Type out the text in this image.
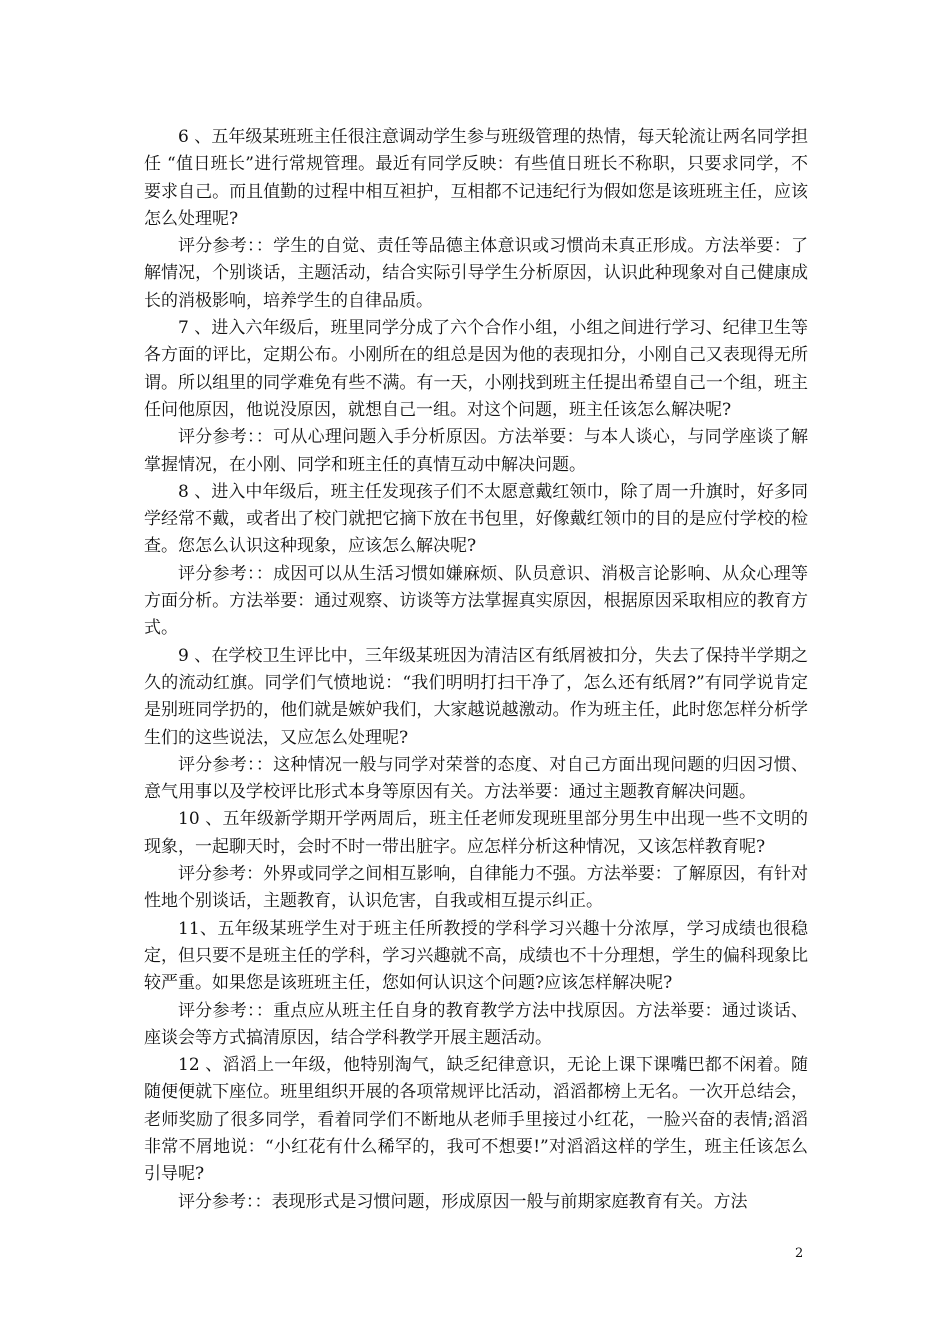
6 、五年级某班班主任很注意调动学生参与班级管理的热情，每天轮流让两名同学担任 “值日班长”进行常规管理。最近有同学反映：有些值日班长不称职，只要求同学，不要求自己。而且值勤的过程中相互袒护，互相都不记违纪行为假如您是该班班主任，应该怎么处理呢?

评分参考：：学生的自觉、责任等品德主体意识或习惯尚未真正形成。方法举要：了解情况，个别谈话，主题活动，结合实际引导学生分析原因，认识此种现象对自己健康成长的消极影响，培养学生的自律品质。

7 、进入六年级后，班里同学分成了六个合作小组，小组之间进行学习、纪律卫生等各方面的评比，定期公布。小刚所在的组总是因为他的表现扣分，小刚自己又表现得无所谓。所以组里的同学难免有些不满。有一天，小刚找到班主任提出希望自己一个组，班主任问他原因，他说没原因，就想自己一组。对这个问题，班主任该怎么解决呢?

评分参考：：可从心理问题入手分析原因。方法举要：与本人谈心，与同学座谈了解掌握情况，在小刚、同学和班主任的真情互动中解决问题。

8 、进入中年级后，班主任发现孩子们不太愿意戴红领巾，除了周一升旗时，好多同学经常不戴，或者出了校门就把它摘下放在书包里，好像戴红领巾的目的是应付学校的检查。您怎么认识这种现象，应该怎么解决呢?

评分参考：：成因可以从生活习惯如嫌麻烦、队员意识、消极言论影响、从众心理等方面分析。方法举要：通过观察、访谈等方法掌握真实原因，根据原因采取相应的教育方式。

9 、在学校卫生评比中，三年级某班因为清洁区有纸屑被扣分，失去了保持半学期之久的流动红旗。同学们气愤地说：“我们明明打扫干净了，怎么还有纸屑?”有同学说肯定是别班同学扔的，他们就是嫉妒我们，大家越说越激动。作为班主任，此时您怎样分析学生们的这些说法，又应怎么处理呢?

评分参考：：这种情况一般与同学对荣誉的态度、对自己方面出现问题的归因习惯、意气用事以及学校评比形式本身等原因有关。方法举要：通过主题教育解决问题。

10 、五年级新学期开学两周后，班主任老师发现班里部分男生中出现一些不文明的现象，一起聊天时，会时不时一带出脏字。应怎样分析这种情况，又该怎样教育呢?

评分参考：外界或同学之间相互影响，自律能力不强。方法举要：了解原因，有针对性地个别谈话，主题教育，认识危害，自我或相互提示纠正。

11、五年级某班学生对于班主任所教授的学科学习兴趣十分浓厚，学习成绩也很稳定，但只要不是班主任的学科，学习兴趣就不高，成绩也不十分理想，学生的偏科现象比较严重。如果您是该班班主任，您如何认识这个问题?应该怎样解决呢?

评分参考：：重点应从班主任自身的教育教学方法中找原因。方法举要：通过谈话、座谈会等方式搞清原因，结合学科教学开展主题活动。

12 、滔滔上一年级，他特别淘气，缺乏纪律意识，无论上课下课嘴巴都不闲着。随随便便就下座位。班里组织开展的各项常规评比活动，滔滔都榜上无名。一次开总结会，老师奖励了很多同学，看着同学们不断地从老师手里接过小红花，一脸兴奋的表情;滔滔非常不屑地说：“小红花有什么稀罕的，我可不想要!”对滔滔这样的学生，班主任该怎么引导呢?

评分参考：：表现形式是习惯问题，形成原因一般与前期家庭教育有关。方法

2
